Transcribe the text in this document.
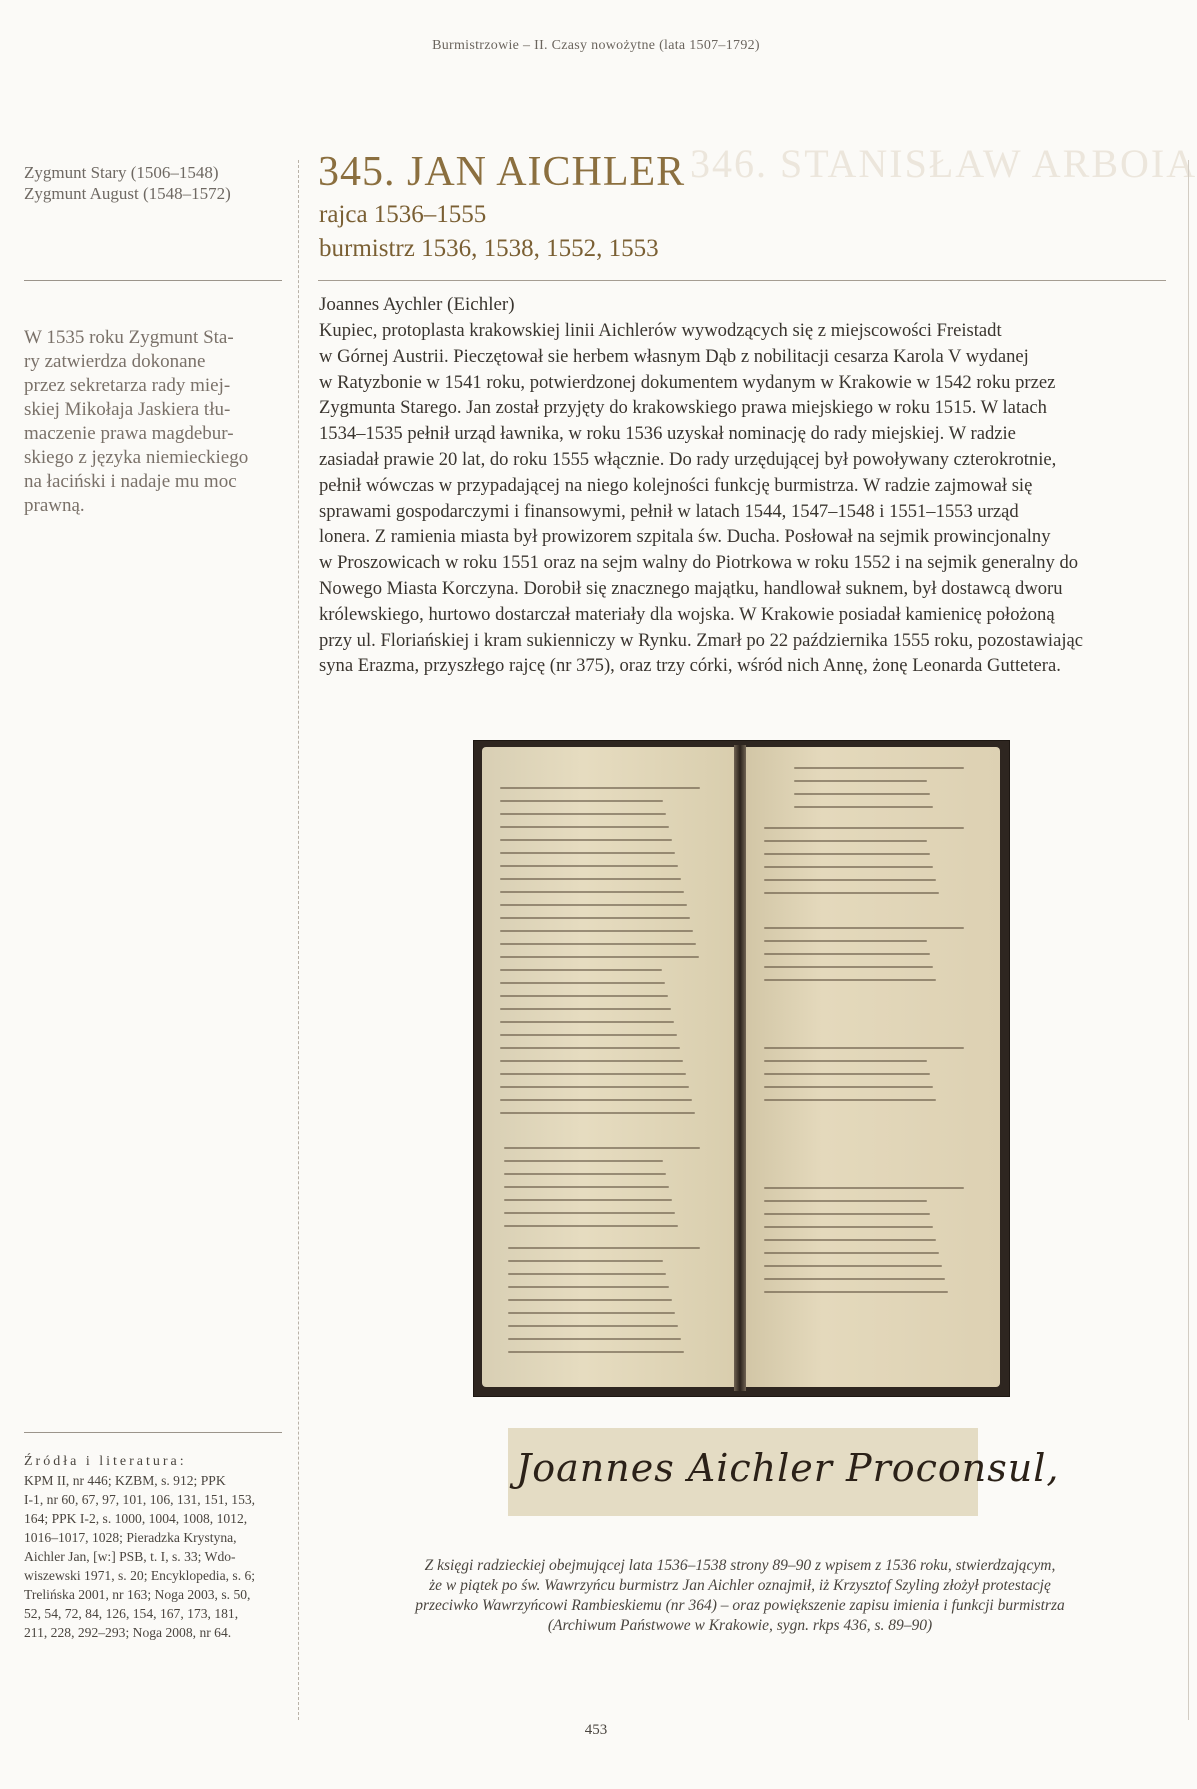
Burmistrzowie – II. Czasy nowożytne (lata 1507–1792)
346. STANISŁAW ARBOIA
Zygmunt Stary (1506–1548)
Zygmunt August (1548–1572)
W 1535 roku Zygmunt Sta-
ry zatwierdza dokonane
przez sekretarza rady miej-
skiej Mikołaja Jaskiera tłu-
maczenie prawa magdebur-
skiego z języka niemieckiego
na łaciński i nadaje mu moc
prawną.
Źródła i literatura:
KPM II, nr 446; KZBM, s. 912; PPK
I-1, nr 60, 67, 97, 101, 106, 131, 151, 153,
164; PPK I-2, s. 1000, 1004, 1008, 1012,
1016–1017, 1028; Pieradzka Krystyna,
Aichler Jan, [w:] PSB, t. I, s. 33; Wdo-
wiszewski 1971, s. 20; Encyklopedia, s. 6;
Trelińska 2001, nr 163; Noga 2003, s. 50,
52, 54, 72, 84, 126, 154, 167, 173, 181,
211, 228, 292–293; Noga 2008, nr 64.
345. JAN AICHLER
rajca 1536–1555
burmistrz 1536, 1538, 1552, 1553
Joannes Aychler (Eichler)
Kupiec, protoplasta krakowskiej linii Aichlerów wywodzących się z miejscowości Freistadt
w Górnej Austrii. Pieczętował sie herbem własnym Dąb z nobilitacji cesarza Karola V wydanej
w Ratyzbonie w 1541 roku, potwierdzonej dokumentem wydanym w Krakowie w 1542 roku przez
Zygmunta Starego. Jan został przyjęty do krakowskiego prawa miejskiego w roku 1515. W latach
1534–1535 pełnił urząd ławnika, w roku 1536 uzyskał nominację do rady miejskiej. W radzie
zasiadał prawie 20 lat, do roku 1555 włącznie. Do rady urzędującej był powoływany czterokrotnie,
pełnił wówczas w przypadającej na niego kolejności funkcję burmistrza. W radzie zajmował się
sprawami gospodarczymi i finansowymi, pełnił w latach 1544, 1547–1548 i 1551–1553 urząd
lonera. Z ramienia miasta był prowizorem szpitala św. Ducha. Posłował na sejmik prowincjonalny
w Proszowicach w roku 1551 oraz na sejm walny do Piotrkowa w roku 1552 i na sejmik generalny do
Nowego Miasta Korczyna. Dorobił się znacznego majątku, handlował suknem, był dostawcą dworu
królewskiego, hurtowo dostarczał materiały dla wojska. W Krakowie posiadał kamienicę położoną
przy ul. Floriańskiej i kram sukienniczy w Rynku. Zmarł po 22 października 1555 roku, pozostawiając
syna Erazma, przyszłego rajcę (nr 375), oraz trzy córki, wśród nich Annę, żonę Leonarda Guttetera.
Joannes Aichler Proconsul,
Z księgi radzieckiej obejmującej lata 1536–1538 strony 89–90 z wpisem z 1536 roku, stwierdzającym,
że w piątek po św. Wawrzyńcu burmistrz Jan Aichler oznajmił, iż Krzysztof Szyling złożył protestację
przeciwko Wawrzyńcowi Rambieskiemu (nr 364) – oraz powiększenie zapisu imienia i funkcji burmistrza
(Archiwum Państwowe w Krakowie, sygn. rkps 436, s. 89–90)
453
